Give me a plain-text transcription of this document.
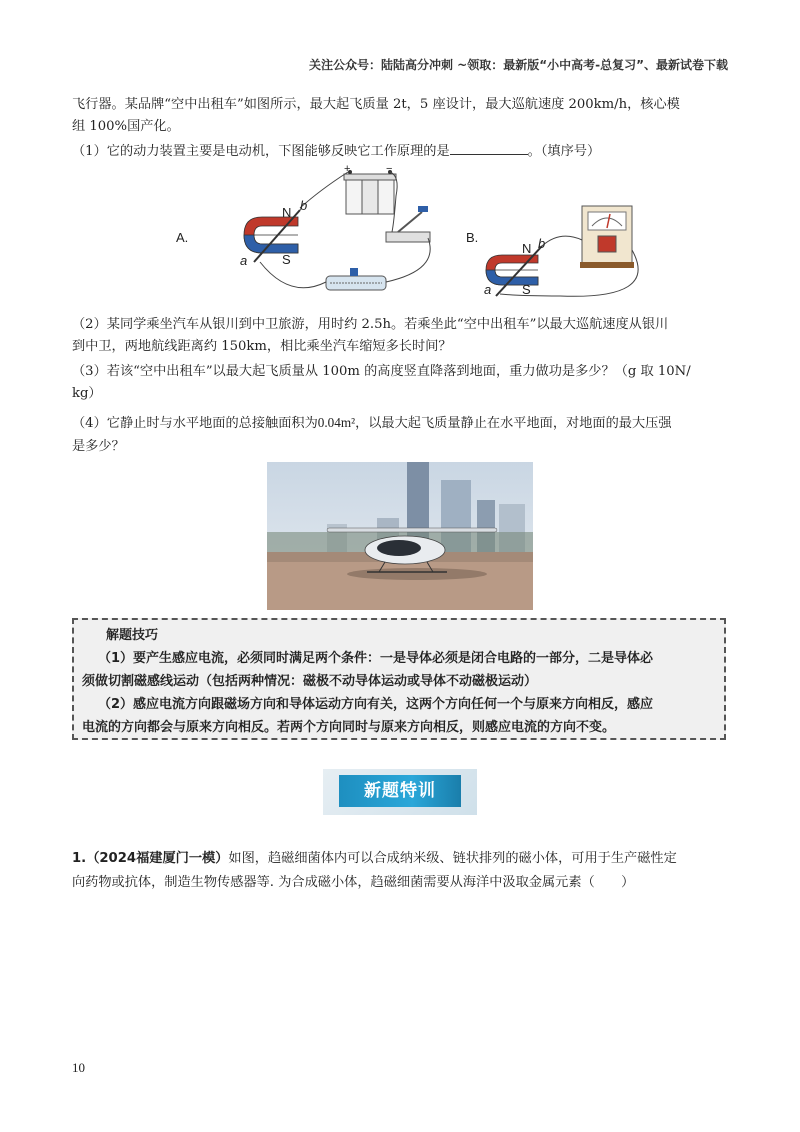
关注公众号：陆陆高分冲刺 ~领取：最新版“小中高考-总复习”、最新试卷下载
飞行器。某品牌“空中出租车”如图所示，最大起飞质量 2t，5 座设计，最大巡航速度 200km/h，核心模
组 100%国产化。
（1）它的动力装置主要是电动机，下图能够反映它工作原理的是	。（填序号）
A.	B.
+	−
N b
S
a
N b
S
a
（2）某同学乘坐汽车从银川到中卫旅游，用时约 2.5h。若乘坐此“空中出租车”以最大巡航速度从银川
到中卫，两地航线距离约 150km，相比乘坐汽车缩短多长时间？
（3）若该“空中出租车”以最大起飞质量从 100m 的高度竖直降落到地面，重力做功是多少？（g 取 10N/
kg）
（4）它静止时与水平地面的总接触面积为0.04m²，以最大起飞质量静止在水平地面，对地面的最大压强
是多少？
解题技巧
（1）要产生感应电流，必须同时满足两个条件：一是导体必须是闭合电路的一部分，二是导体必
须做切割磁感线运动（包括两种情况：磁极不动导体运动或导体不动磁极运动）
（2）感应电流方向跟磁场方向和导体运动方向有关，这两个方向任何一个与原来方向相反，感应
电流的方向都会与原来方向相反。若两个方向同时与原来方向相反，则感应电流的方向不变。
新题特训
1.（2024福建厦门一模）如图，趋磁细菌体内可以合成纳米级、链状排列的磁小体，可用于生产磁性定
向药物或抗体，制造生物传感器等. 为合成磁小体，趋磁细菌需要从海洋中汲取金属元素（　　）
10
